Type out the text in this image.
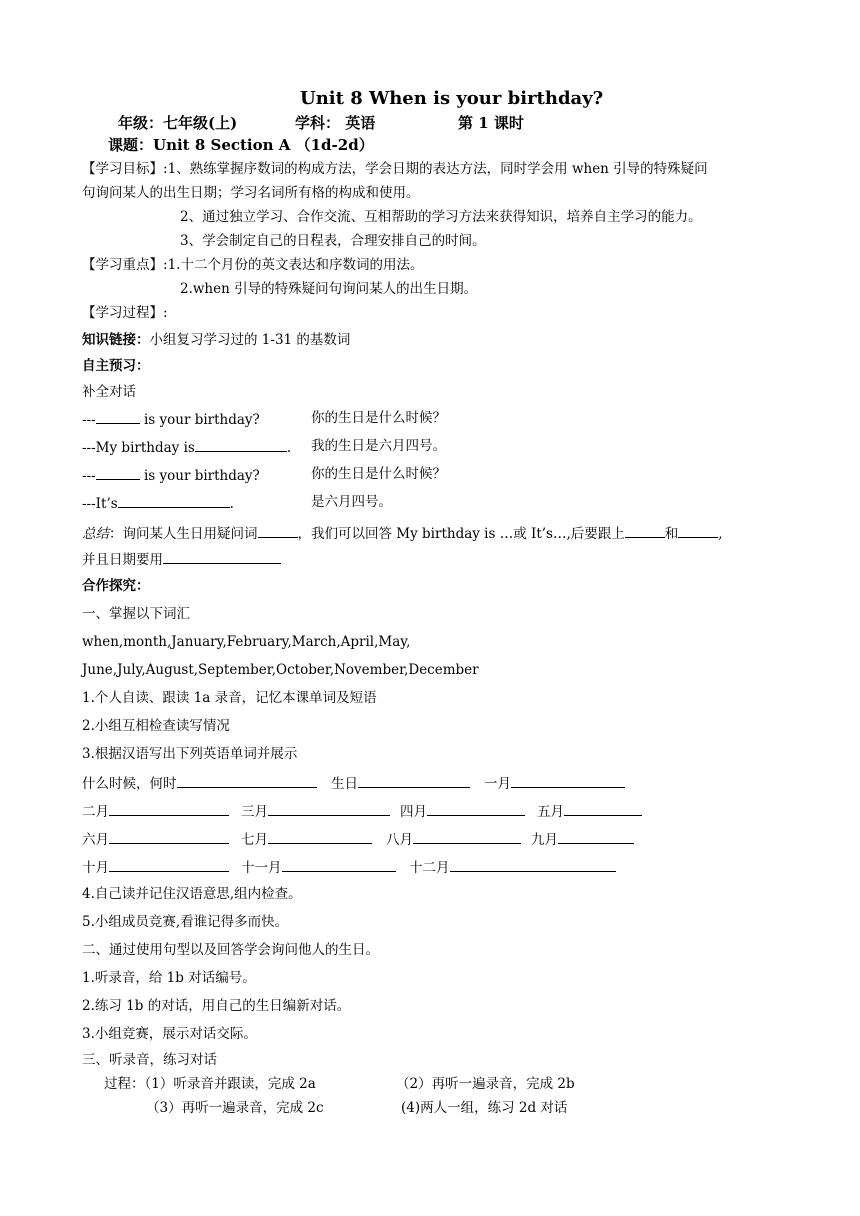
Unit 8 When is your birthday?
年级：七年级(上)	学科： 英语	第 1 课时
课题：Unit 8 Section A （1d-2d）
【学习目标】:1、熟练掌握序数词的构成方法，学会日期的表达方法，同时学会用 when 引导的特殊疑问
句询问某人的出生日期；学习名词所有格的构成和使用。
2、通过独立学习、合作交流、互相帮助的学习方法来获得知识，培养自主学习的能力。
3、学会制定自己的日程表，合理安排自己的时间。
【学习重点】:1.十二个月份的英文表达和序数词的用法。
2.when 引导的特殊疑问句询问某人的出生日期。
【学习过程】:
知识链接：小组复习学习过的 1-31 的基数词
自主预习：
补全对话
---	is your birthday?	你的生日是什么时候？
---My birthday is	. 我的生日是六月四号。
---	is your birthday?	你的生日是什么时候？
---It’s	.	是六月四号。
总结：询问某人生日用疑问词	，我们可以回答 My birthday is …或 It’s…,后要跟上	和	,
并且日期要用
合作探究：
一、掌握以下词汇
when,month,January,February,March,April,May,
June,July,August,September,October,November,December
1.个人自读、跟读 1a 录音，记忆本课单词及短语
2.小组互相检查读写情况
3.根据汉语写出下列英语单词并展示
什么时候，何时	生日	一月
二月	三月	四月	五月
六月	七月	八月	九月
十月	十一月	十二月
4.自己读并记住汉语意思,组内检查。
5.小组成员竞赛,看谁记得多而快。
二、通过使用句型以及回答学会询问他人的生日。
1.听录音，给 1b 对话编号。
2.练习 1b 的对话，用自己的生日编新对话。
3.小组竞赛，展示对话交际。
三、听录音，练习对话
过程：（1）听录音并跟读，完成 2a	（2）再听一遍录音，完成 2b
（3）再听一遍录音，完成 2c	(4)两人一组，练习 2d 对话
